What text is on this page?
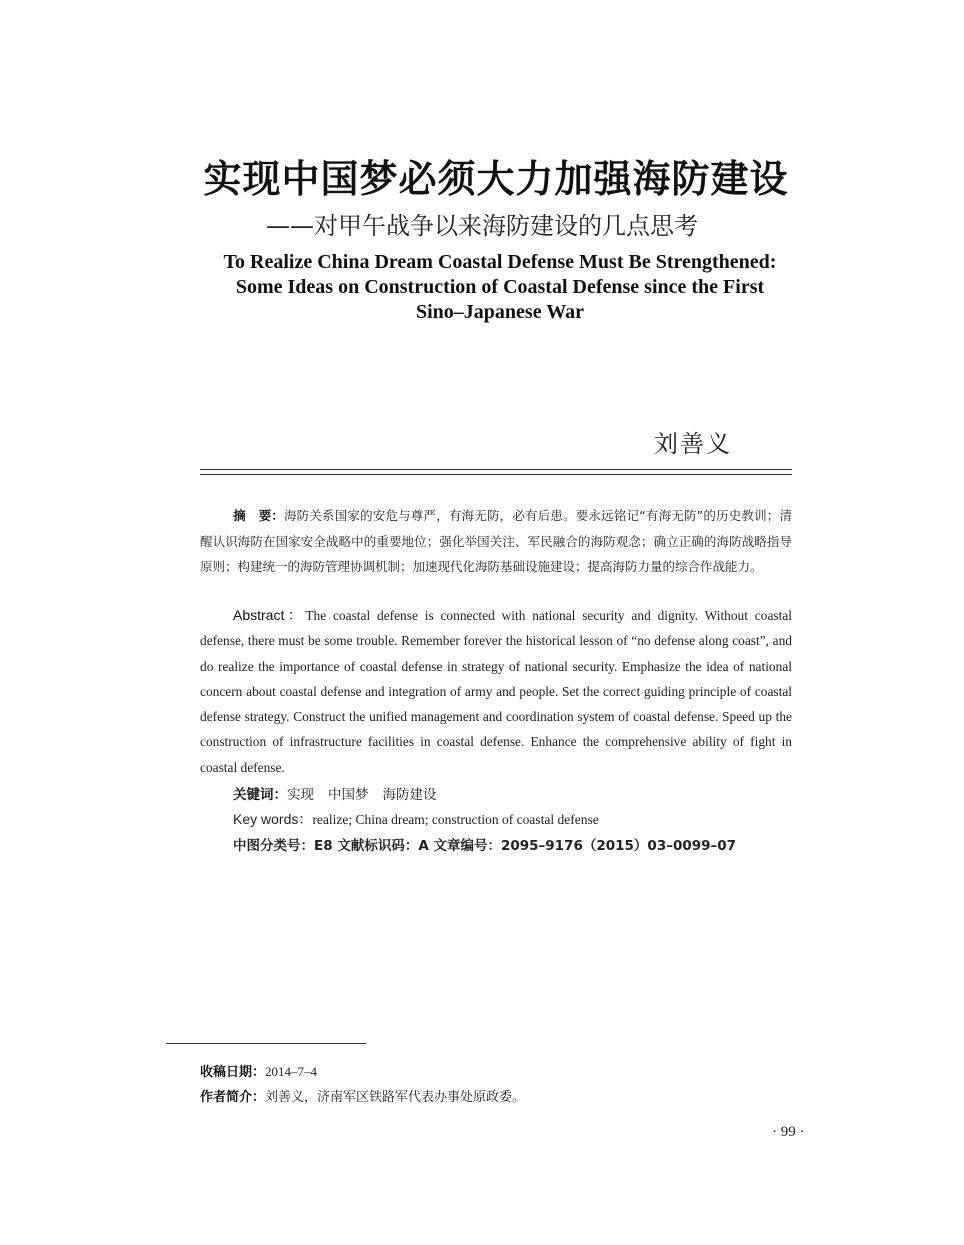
实现中国梦必须大力加强海防建设
——对甲午战争以来海防建设的几点思考
To Realize China Dream Coastal Defense Must Be Strengthened:
Some Ideas on Construction of Coastal Defense since the First
Sino–Japanese War
刘善义
摘　要：海防关系国家的安危与尊严，有海无防，必有后患。要永远铭记“有海无防”的历史教训；清醒认识海防在国家安全战略中的重要地位；强化举国关注、军民融合的海防观念；确立正确的海防战略指导原则；构建统一的海防管理协调机制；加速现代化海防基础设施建设；提高海防力量的综合作战能力。
Abstract：The coastal defense is connected with national security and dignity. Without coastal defense, there must be some trouble. Remember forever the historical lesson of “no defense along coast”, and do realize the importance of coastal defense in strategy of national security. Emphasize the idea of national concern about coastal defense and integration of army and people. Set the correct guiding principle of coastal defense strategy. Construct the unified management and coordination system of coastal defense. Speed up the construction of infrastructure facilities in coastal defense. Enhance the comprehensive ability of fight in coastal defense.
关键词：实现 中国梦 海防建设
Key words：realize; China dream; construction of coastal defense
中图分类号：E8 文献标识码：A 文章编号：2095–9176（2015）03–0099–07
收稿日期：2014–7–4
作者简介：刘善义，济南军区铁路军代表办事处原政委。
· 99 ·
